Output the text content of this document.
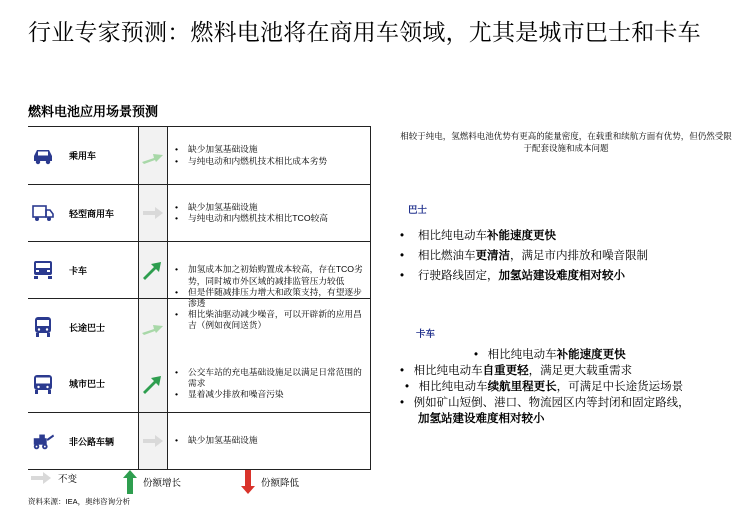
行业专家预测：燃料电池将在商用车领域，尤其是城市巴士和卡车
燃料电池应用场景预测
乘用车
• 缺少加氢基础设施
• 与纯电动和内燃机技术相比成本劣势
轻型商用车
• 缺少加氢基础设施
• 与纯电动和内燃机技术相比TCO较高
卡车
长途巴士
• 加氢成本加之初始购置成本较高，存在TCO劣势，同时城市外区域的减排监管压力较低
• 但是伴随减排压力增大和政策支持，有望逐步渗透
• 相比柴油驱动减少噪音，可以开辟新的应用昌吉（例如夜间送货）
城市巴士
• 公交车站的充电基础设施足以满足日常范围的需求
• 显着减少排放和噪音污染
非公路车辆
•	缺少加氢基础设施
不变	份额增长	份额降低
资料来源：IEA，奥纬咨询分析
相较于纯电，氢燃料电池优势有更高的能量密度，在载重和续航方面有优势，但仍然受限于配套设施和成本问题
巴士
• 相比纯电动车补能速度更快
• 相比燃油车更清洁，满足市内排放和噪音限制
• 行驶路线固定，加氢站建设难度相对较小
卡车
•   相比纯电动车补能速度更快
•   相比纯电动车自重更轻，满足更大载重需求
•   相比纯电动车续航里程更长，可满足中长途货运场景
•   例如矿山短倒、港口、物流园区内等封闭和固定路线，
加氢站建设难度相对较小
